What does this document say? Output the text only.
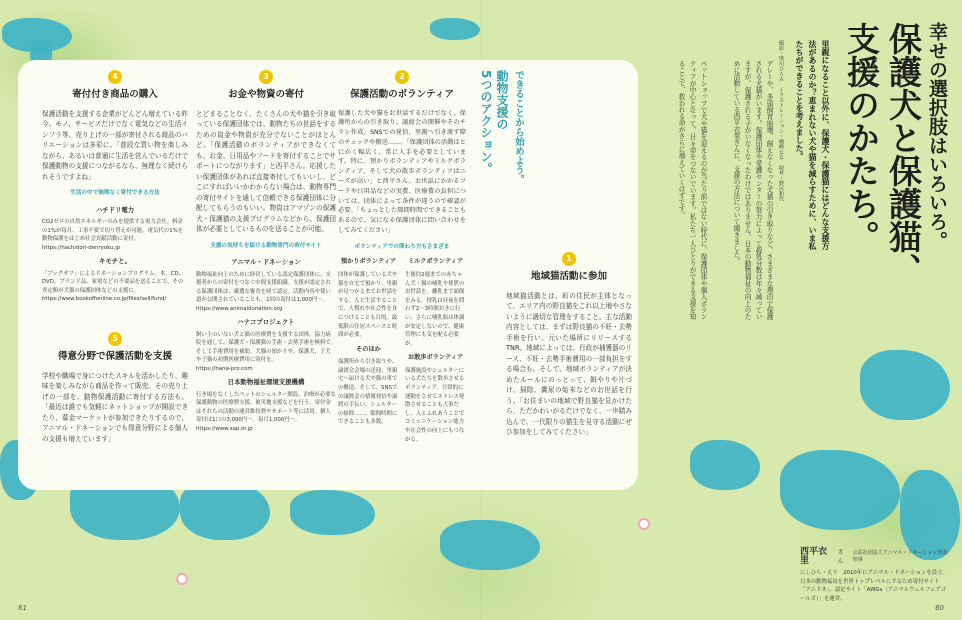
4
寄付付き商品の購入

保護活動を支援する企業がどんどん増えている昨今。モノ、サービスだけでなく電気などの生活インフラ等、売り上げの一部が寄付される商品のバリエーションは多彩に。「普段な買い物を楽しみながら、あるいは普通に生活を営んでいるだけで保護動物の支援につながるなら、無理なく続けられそうですよね」

生活の中で無理なく寄付できる方法
ハチドリ電力
CO2ゼロの自然エネルギーのみを提供する電力会社。料金の1%が毎月、工事不要で切り替えが可能。電気代の1%を動物保護をはじめ社会貢献活動に寄付。
https://hachidori-denryoku.jp
キモチと。
「ブックオフ」によるドネーションプログラム。本、CD、DVD、ブランド品、家電などの不要品を送ることで、その査定額が犬猫の保護団体などの支援に。
https://www.bookoffonline.co.jp/files/sell/fund/
5
得意分野で保護活動を支援

学校や職場で身につけたスキルを活かしたり、趣味を楽しみながら商品を作って販売。その売り上げの一部を、動物保護活動に寄付する方法も。「最近は誰でも気軽にネットショップが開設できたり、募金マーケットが参加できたりするので、アニマル・ドネーションでも得意分野による個人の支援も増えています」

3
お金や物資の寄付

とどまることなく、たくさんの犬や猫を引き取っている保護団体では、動物たちの世話をするための資金や物資が充分でないことがほとんど。「保護活動のボランティアができなくても、お金、日用品やフードを寄付することでサポートにつながります」と西平さん。応援したい保護団体があれば直接寄付してもいいし、どこにすればいいかわからない場合は、動物専門の寄付サイトを通して信頼できる保護団体に分配してもらうのもいい。物資はアマゾンの保護犬・保護猫の支援プログラムなどから、保護団体が必要としているものを送ることが可能。

支援の気持ちを届ける動物専門の寄付サイト
アニマル・ドネーション
動物福祉向上のために経営している認定保護団体に、支援者からの寄付をつなぐ中間支援組織。支援が認定される保護団体は、厳選な審査を経て認定。活動内容や使い道が公開されていることも。1回の寄付は1,000円〜。
https://www.animaldonation.org
ハナコプロジェクト
飼い主のいない犬と猫の医療費を支援する団体。協力病院を通して、保護犬・保護猫の手術・去勢手術を無料で。そして手術費用を補助。犬猫の預かりや、保護犬、子犬や子猫の初期医療費用に寄付を。
https://hana-pro.com
日本動物福祉環境支援機構
行き場をなくしたペットのシェルター開設、治療が必要な保護動物の医療費支援、被災地支援などを行う。寄付金はそれらの活動の運営維持費やサポート等に活用。個人寄付は1口の3,000円〜。毎月1,000円〜。
https://www.sap.or.jp
2
保護活動のボランティア

保護した犬や猫をお世話するだけでなく、保護所からの引き取り、譲渡会の開催やそのチラシ作成、SNSでの発信、里親へ引き渡す際のチェックや搬送……。「保護団体の活動はとにかく幅広く、常に人手を必要としています。特に、預かりボランティアやミルクボランティア、そして犬の散歩ボランティアはニーズが高い」と西平さん。お世話にかかるフードや日用品などの実費、医療費の負担については、団体によって条件が違うので確認が必要。「ちょっとした隙間時間でできることもあるので、気になる保護団体に問い合わせをしてみてください」

ボランティアでの関わり方もさまざま
預かりボランティア
団体が保護している犬や猫を自宅で預かり、里親が見つかるまでお世話をする。人と生活することで、人慣れや社会性を身につけることも目的。最低限の住居スペースと時間が必要。
そのほか
保護所から引き取りや、譲渡会会場の送迎、里親宅へ届ける犬や猫の車での搬送、そして、SNSでの譲渡会の情報発信や譲渡の手伝い、シェルターの掃除……。隙間時間にできることも多数。
ミルクボランティア
生後約2週までの赤ちゃん犬・猫の哺乳や排泄のお世話を。離乳まで面倒をみる。授乳は昼夜を問わず2〜3時間おきに行い、さらに哺乳瓶は体調が安定しないので、健康管理にも気を配る必要が。
お散歩ボランティア
保護施設やシェルターにいる犬たちを散歩させるボランティア。日常的に運動をさせてストレス発散させることも大事だし、人とふれあうことでコミュニケーション能力や社会性の向上にもつながる。
できることから始めよう。
動物支援の
5つのアクション。
1
地域猫活動に参加

地域猫活動とは、町の住民が主体となって、エリア内の野良猫をこれ以上増やさないように適切な管理をすること。主な活動内容としては、まずは野良猫の不妊・去勢手術を行い、元いた場所にリリースするTNR。地域によっては、行政が捕獲器のリース、不妊・去勢手術費用の一部負担をする場合も。そして、地域ボランティアが決めたルールにのっとって、餌やりや片づけ、掃除、糞尿の始末などのお世話を行う。「お住まいの地域で野良猫を見かけたら、ただかわいがるだけでなく、一歩踏み込んで、一代限りの猫生を見守る活動にぜひ参加をしてみてください」

グレーや、多頭飼育崩壊、飼えなくなった犬猫の引き取りなど、さまざまな理由で保護される犬猫がいます。保護団体や愛護センターの努力によって殺処分数は年々減っていますが、保護される子がいなくなったわけではありません。日本の動物福祉の向上のために活動している西平衣里さんに、支援の方法について聞きました。
ペットショップで犬や猫を迎えるのが当たり前ではない時代に、保護団体や個人ボランティアが中心となって、日々命をつないでいます。私たち一人ひとりができる支援を知ることで、救われる命がさらに増えていくはずです。	里親になること以外に、保護犬・保護猫にはどんな支援方法があるのか？恵まれない犬や猫を減らすために、いま私たちができることを考えました。
撮影・奥川ひろみ　イラストレーション・横峰なな　取材・野尻和代	幸せの選択肢はいろいろ。
保護犬と保護猫、
支援のかたち。
西平衣里
さん
公益社団法人アニマル・ドネーション代表理事
にしひら・えり　2010年にアニマル・ドネーションを設立。日本の動物福祉を世界トップレベルにするため寄付サイト「アニドネ」、認定サイト「AWGs（アニマルウェルフェアゴールズ）」を運営。
61	60
